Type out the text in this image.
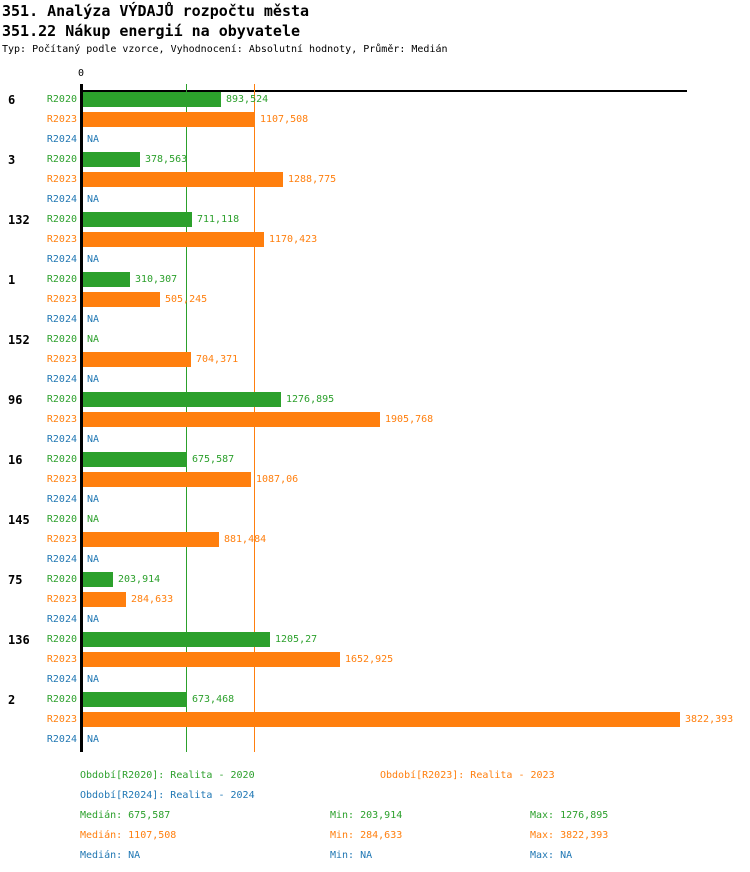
351. Analýza VÝDAJŮ rozpočtu města
351.22 Nákup energií na obyvatele
Typ: Počítaný podle vzorce, Vyhodnocení: Absolutní hodnoty, Průměr: Medián
0
6	R2020	893,524
R2023	1107,508
R2024 NA
3	R2020	378,563
R2023	1288,775
R2024 NA
132	R2020	711,118
R2023	1170,423
R2024 NA
1	R2020	310,307
R2023	505,245
R2024 NA
152	R2020 NA
R2023	704,371
R2024 NA
96	R2020	1276,895
R2023	1905,768
R2024 NA
16	R2020	675,587
R2023	1087,06
R2024 NA
145	R2020 NA
R2023	881,484
R2024 NA
75	R2020	203,914
R2023	284,633
R2024 NA
136	R2020	1205,27
R2023	1652,925
R2024 NA
2	R2020	673,468
R2023	3822,393
R2024 NA
Období[R2020]: Realita - 2020	Období[R2023]: Realita - 2023
Období[R2024]: Realita - 2024
Medián: 675,587	Min: 203,914	Max: 1276,895
Medián: 1107,508	Min: 284,633	Max: 3822,393
Medián: NA	Min: NA	Max: NA
